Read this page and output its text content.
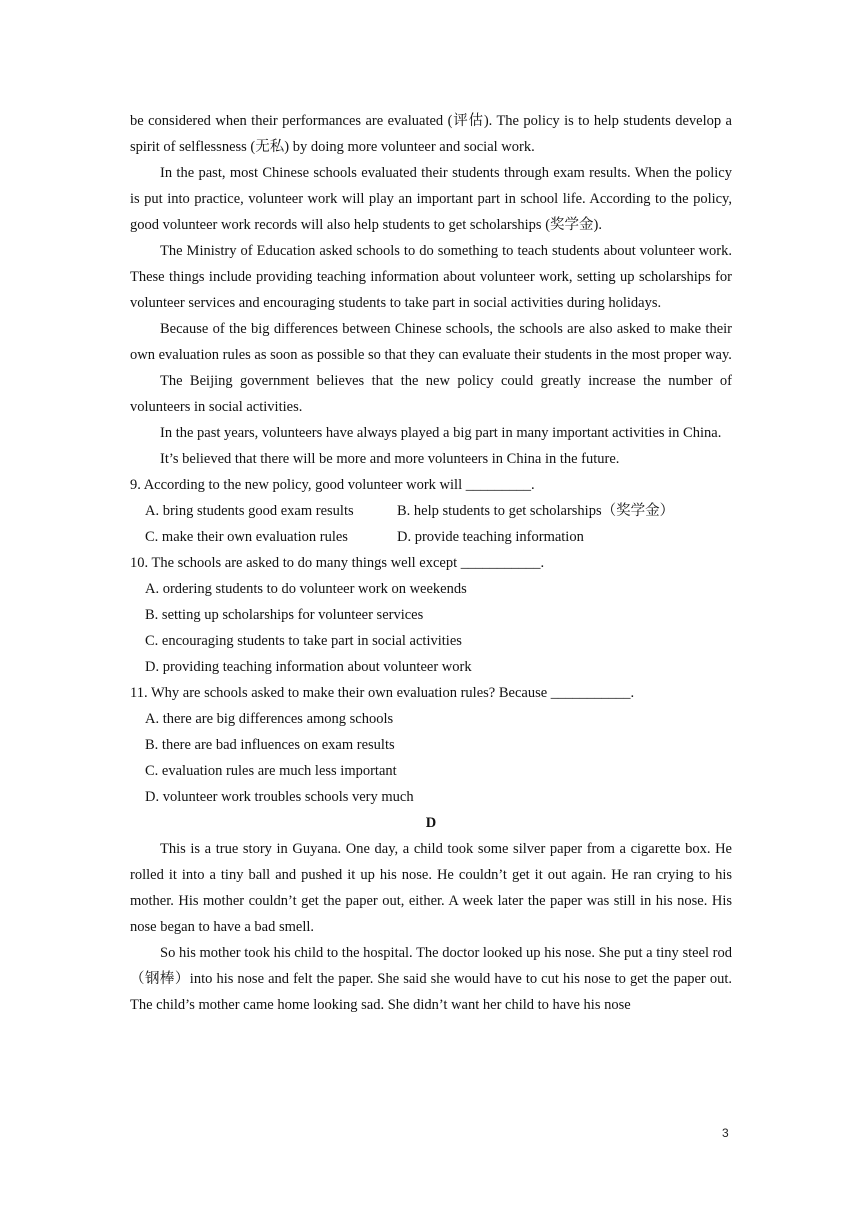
be considered when their performances are evaluated (评估). The policy is to help students develop a spirit of selflessness (无私) by doing more volunteer and social work.

In the past, most Chinese schools evaluated their students through exam results. When the policy is put into practice, volunteer work will play an important part in school life. According to the policy, good volunteer work records will also help students to get scholarships (奖学金).

The Ministry of Education asked schools to do something to teach students about volunteer work. These things include providing teaching information about volunteer work, setting up scholarships for volunteer services and encouraging students to take part in social activities during holidays.

Because of the big differences between Chinese schools, the schools are also asked to make their own evaluation rules as soon as possible so that they can evaluate their students in the most proper way.

The Beijing government believes that the new policy could greatly increase the number of volunteers in social activities.

In the past years, volunteers have always played a big part in many important activities in China.

It’s believed that there will be more and more volunteers in China in the future.

9. According to the new policy, good volunteer work will _________.

A. bring students good exam results	B. help students to get scholarships（奖学金）
C. make their own evaluation rules	D. provide teaching information

10. The schools are asked to do many things well except ___________.

A. ordering students to do volunteer work on weekends

B. setting up scholarships for volunteer services

C. encouraging students to take part in social activities

D. providing teaching information about volunteer work

11. Why are schools asked to make their own evaluation rules? Because ___________.

A. there are big differences among schools

B. there are bad influences on exam results

C. evaluation rules are much less important

D. volunteer work troubles schools very much

D

This is a true story in Guyana. One day, a child took some silver paper from a cigarette box. He rolled it into a tiny ball and pushed it up his nose. He couldn’t get it out again. He ran crying to his mother. His mother couldn’t get the paper out, either. A week later the paper was still in his nose. His nose began to have a bad smell.

So his mother took his child to the hospital. The doctor looked up his nose. She put a tiny steel rod（钢棒）into his nose and felt the paper. She said she would have to cut his nose to get the paper out. The child’s mother came home looking sad. She didn’t want her child to have his nose

3
